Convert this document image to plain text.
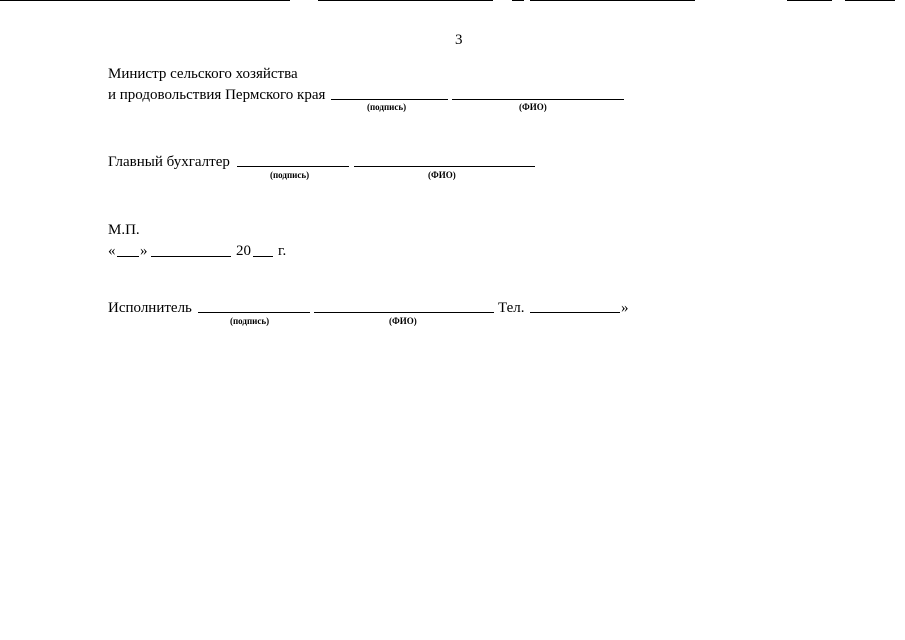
3
Министр сельского хозяйства
и продовольствия Пермского края
(подпись)	(ФИО)
Главный бухгалтер
(подпись)	(ФИО)
М.П.
« »	20 г.
Исполнитель	Тел.	»
(подпись)	(ФИО)
